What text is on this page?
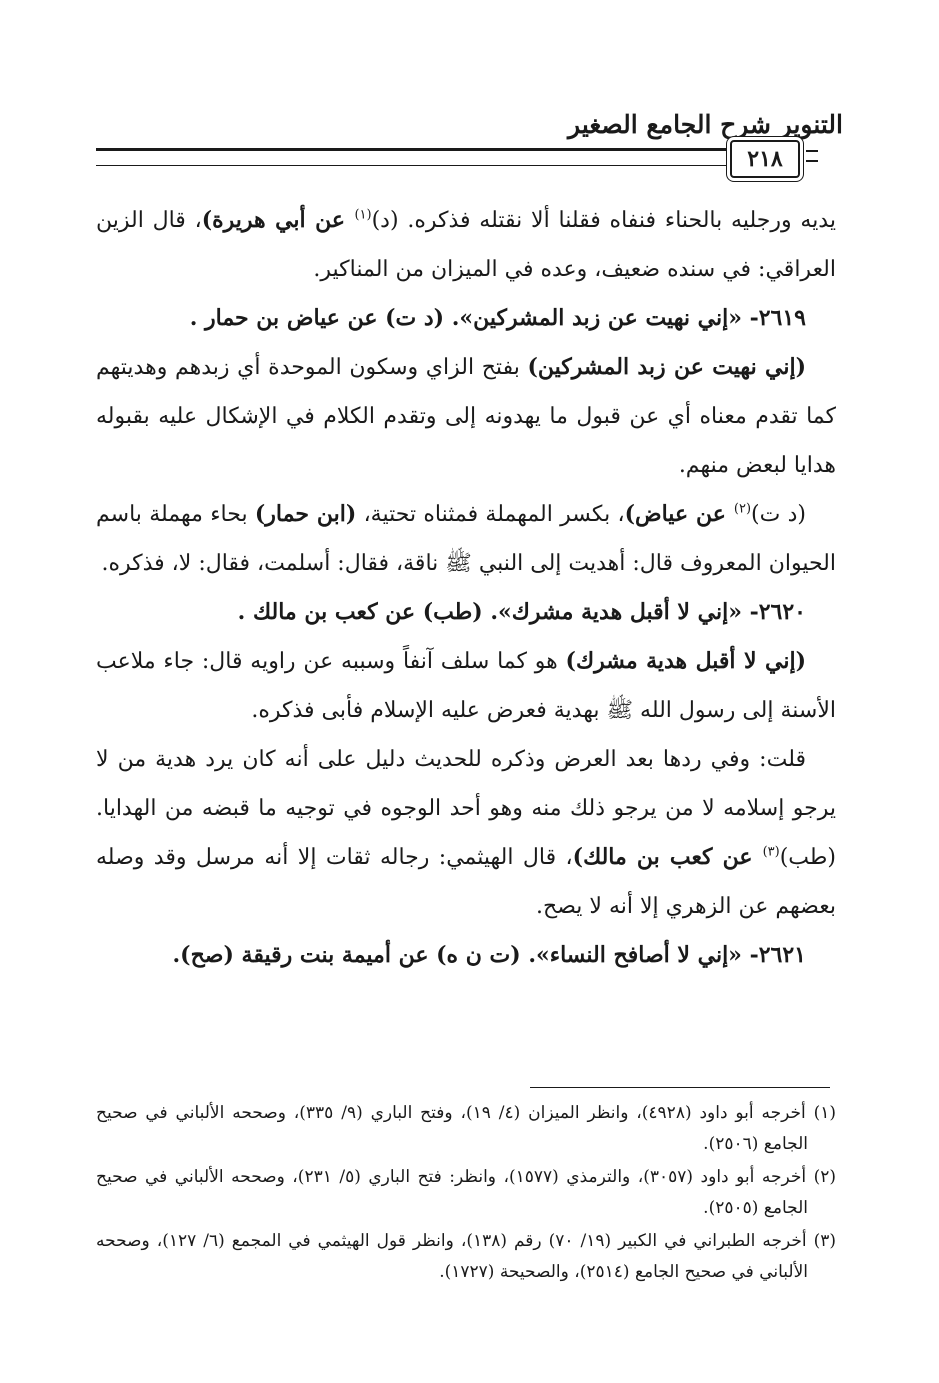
التنوير شرح الجامع الصغير
٢١٨

يديه ورجليه بالحناء فنفاه فقلنا ألا نقتله فذكره. (د)$^{(١)}$ عن أبي هريرة)، قال الزين العراقي: في سنده ضعيف، وعده في الميزان من المناكير.

٢٦١٩- «إني نهيت عن زبد المشركين». (د ت) عن عياض بن حمار .

(إني نهيت عن زبد المشركين) بفتح الزاي وسكون الموحدة أي زبدهم وهديتهم كما تقدم معناه أي عن قبول ما يهدونه إلى وتقدم الكلام في الإشكال عليه بقبوله هدايا لبعض منهم.

(د ت)$^{(٢)}$ عن عياض)، بكسر المهملة فمثناه تحتية، (ابن حمار) بحاء مهملة باسم الحيوان المعروف قال: أهديت إلى النبي ﷺ ناقة، فقال: أسلمت، فقال: لا، فذكره.

٢٦٢٠- «إني لا أقبل هدية مشرك». (طب) عن كعب بن مالك .

(إني لا أقبل هدية مشرك) هو كما سلف آنفاً وسببه عن راويه قال: جاء ملاعب الأسنة إلى رسول الله ﷺ بهدية فعرض عليه الإسلام فأبى فذكره.

قلت: وفي ردها بعد العرض وذكره للحديث دليل على أنه كان يرد هدية من لا يرجو إسلامه لا من يرجو ذلك منه وهو أحد الوجوه في توجيه ما قبضه من الهدايا. (طب)$^{(٣)}$ عن كعب بن مالك)، قال الهيثمي: رجاله ثقات إلا أنه مرسل وقد وصله بعضهم عن الزهري إلا أنه لا يصح.

٢٦٢١- «إني لا أصافح النساء». (ت ن ه) عن أميمة بنت رقيقة (صح).

(١) أخرجه أبو داود (٤٩٢٨)، وانظر الميزان (٤/ ١٩)، وفتح الباري (٩/ ٣٣٥)، وصححه الألباني في صحيح الجامع (٢٥٠٦).

(٢) أخرجه أبو داود (٣٠٥٧)، والترمذي (١٥٧٧)، وانظر: فتح الباري (٥/ ٢٣١)، وصححه الألباني في صحيح الجامع (٢٥٠٥).

(٣) أخرجه الطبراني في الكبير (١٩/ ٧٠) رقم (١٣٨)، وانظر قول الهيثمي في المجمع (٦/ ١٢٧)، وصححه الألباني في صحيح الجامع (٢٥١٤)، والصحيحة (١٧٢٧).
